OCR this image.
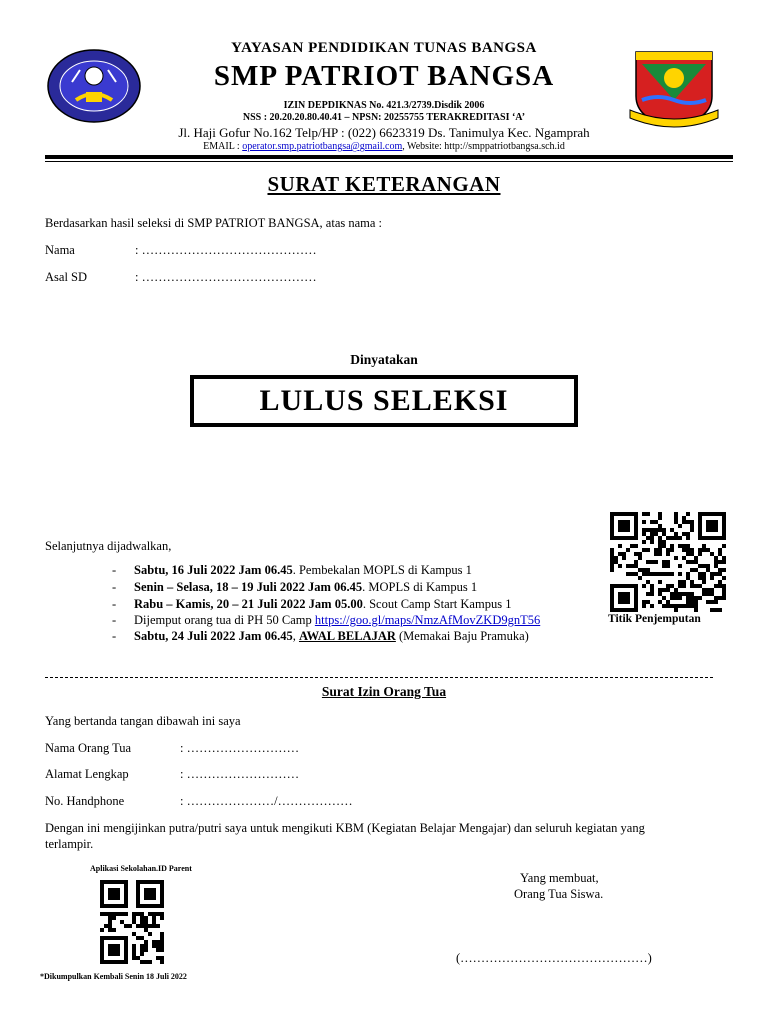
YAYASAN PENDIDIKAN TUNAS BANGSA
SMP PATRIOT BANGSA
IZIN DEPDIKNAS No. 421.3/2739.Disdik 2006
NSS : 20.20.20.80.40.41 – NPSN: 20255755 TERAKREDITASI ‘A’
Jl. Haji Gofur No.162 Telp/HP : (022) 6623319 Ds. Tanimulya Kec. Ngamprah
EMAIL : operator.smp.patriotbangsa@gmail.com, Website: http://smppatriotbangsa.sch.id
SURAT KETERANGAN
Berdasarkan hasil seleksi di SMP PATRIOT BANGSA, atas nama :
Nama	: ……………………………………
Asal SD	: ……………………………………
Dinyatakan
LULUS SELEKSI
Selanjutnya dijadwalkan,
- Sabtu, 16 Juli 2022 Jam 06.45. Pembekalan MOPLS di Kampus 1
- Senin – Selasa, 18 – 19 Juli 2022 Jam 06.45. MOPLS di Kampus 1
- Rabu – Kamis, 20 – 21 Juli 2022 Jam 05.00. Scout Camp Start Kampus 1
- Dijemput orang tua di PH 50 Camp https://goo.gl/maps/NmzAfMovZKD9gnT56
- Sabtu, 24 Juli 2022 Jam 06.45, AWAL BELAJAR (Memakai Baju Pramuka)
Titik Penjemputan
Surat Izin Orang Tua
Yang bertanda tangan dibawah ini saya
Nama Orang Tua	: ………………………
Alamat Lengkap	: ………………………
No. Handphone	: …………………/………………
Dengan ini mengijinkan putra/putri saya untuk mengikuti KBM (Kegiatan Belajar Mengajar) dan seluruh kegiatan yang
terlampir.
Aplikasi Sekolahan.ID Parent
Yang membuat,
Orang Tua Siswa.
(………………………………………)
*Dikumpulkan Kembali Senin 18 Juli 2022
